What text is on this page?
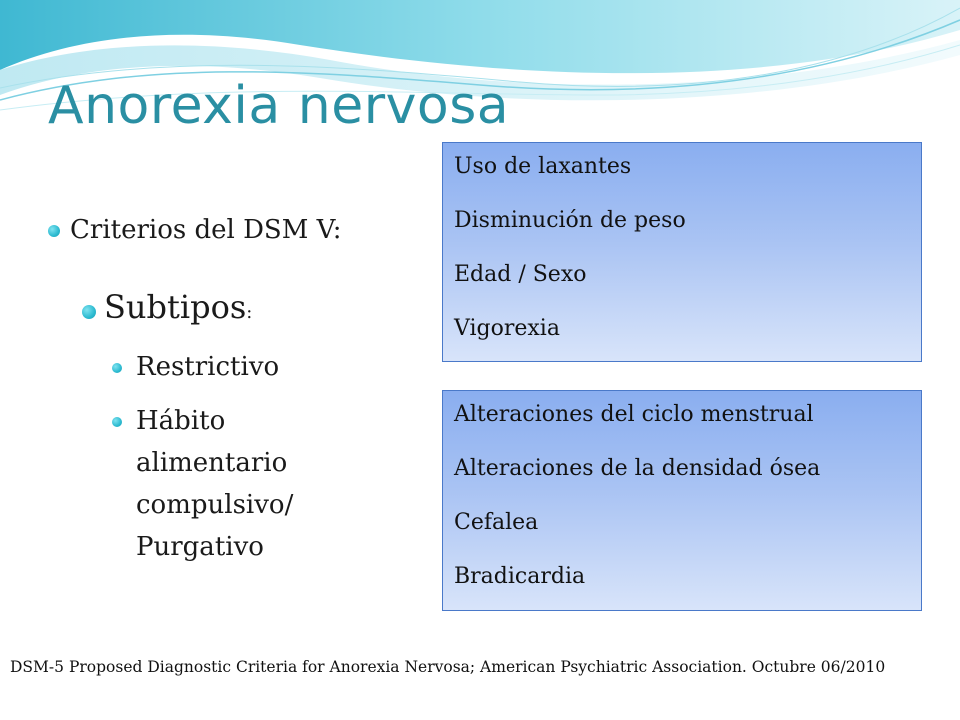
Anorexia nervosa
Criterios del DSM V:
Subtipos:
Restrictivo
Hábito
alimentario
compulsivo/
Purgativo
Uso de laxantes
Disminución de peso
Edad / Sexo
Vigorexia
Alteraciones del ciclo menstrual
Alteraciones de la densidad ósea
Cefalea
Bradicardia
DSM-5 Proposed Diagnostic Criteria for Anorexia Nervosa; American Psychiatric Association. Octubre 06/2010
